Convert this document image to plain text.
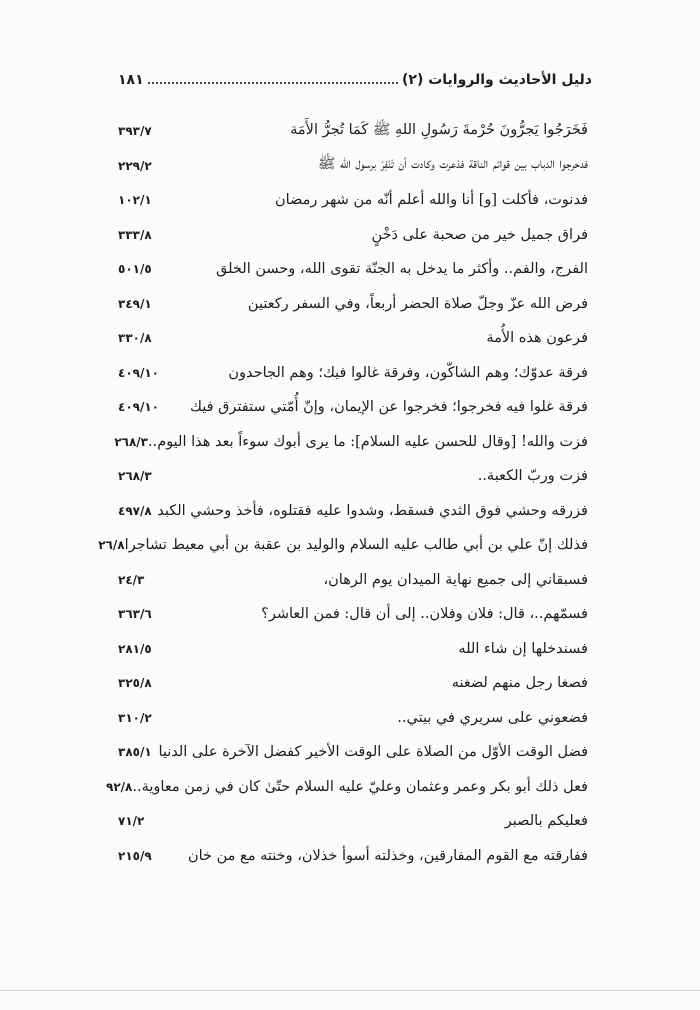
دليل الأحاديث والروايات (٢)
١٨١
فَخَرَجُوا يَجرُّونَ حُرْمةَ رَسُولِ اللهِ ﷺ كَمَا تُجرُّ الأَمَة
٣٩٣/٧
فدحرجوا الدباب بين قوائم الناقة فذعرت وكادت أن تَنْفِرَ برسول الله ﷺ
٢٢٩/٢
فدنوت، فأكلت [و] أنا والله أعلم أنّه من شهر رمضان
١٠٢/١
فراق جميل خير من صحبة على دَخْنٍ
٣٣٣/٨
الفرج، والفم.. وأكثر ما يدخل به الجنّة تقوى الله، وحسن الخلق
٥٠١/٥
فرض الله عزّ وجلّ صلاة الحضر أربعاً، وفي السفر ركعتين
٣٤٩/١
فرعون هذه الأُمة
٣٣٠/٨
فرقة عدوّك؛ وهم الشاكّون، وفرقة غالوا فيك؛ وهم الجاحدون
٤٠٩/١٠
فرقة غلوا فيه فخرجوا؛ فخرجوا عن الإيمان، وإنّ أُمّتي ستفترق فيك
٤٠٩/١٠
فزت والله! [وقال للحسن عليه السلام]: ما يرى أبوك سوءاً بعد هذا اليوم..
٢٦٨/٣
فزت وربّ الكعبة..
٢٦٨/٣
فزرقه وحشي فوق الثدي فسقط، وشدوا عليه فقتلوه، فأخذ وحشي الكبد
٤٩٧/٨
فذلك إنّ علي بن أبي طالب عليه السلام والوليد بن عقبة بن أبي معيط تشاجرا
٢٦/٨
فسبقاني إلى جميع نهاية الميدان يوم الرهان،
٢٤/٣
فسمّهم..، قال: فلان وفلان.. إلى أن قال: فمن العاشر؟
٣٦٣/٦
فسندخلها إن شاء الله
٢٨١/٥
فصغا رجل منهم لضغنه
٣٢٥/٨
فضعوني على سريري في بيتي..
٣١٠/٢
فضل الوقت الأوّل من الصلاة على الوقت الأخير كفضل الآخرة على الدنيا
٣٨٥/١
فعل ذلك أبو بكر وعمر وعثمان وعليّ عليه السلام حتّىٰ كان في زمن معاوية..
٩٢/٨
فعليكم بالصبر
٧١/٢
ففارقته مع القوم المفارقين، وخذلته أسوأ خذلان، وخنته مع من خان
٢١٥/٩
